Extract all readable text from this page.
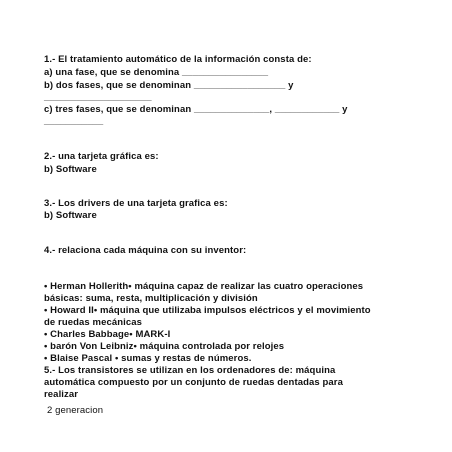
1.- El tratamiento automático de la información consta de:
a) una fase, que se denomina ________________
b) dos fases, que se denominan _________________ y
____________________
c) tres fases, que se denominan ______________, ____________ y
___________
2.- una tarjeta gráfica es:
b) Software
3.- Los drivers de una tarjeta grafica es:
b) Software
4.- relaciona cada máquina con su inventor:
• Herman Hollerith• máquina capaz de realizar las cuatro operaciones
básicas: suma, resta, multiplicación y división
• Howard II• máquina que utilizaba impulsos eléctricos y el movimiento
de ruedas mecánicas
• Charles Babbage• MARK-I
• barón Von Leibniz• máquina controlada por relojes
• Blaise Pascal • sumas y restas de números.
5.- Los transistores se utilizan en los ordenadores de: máquina
automática compuesto por un conjunto de ruedas dentadas para
realizar
2 generacion
